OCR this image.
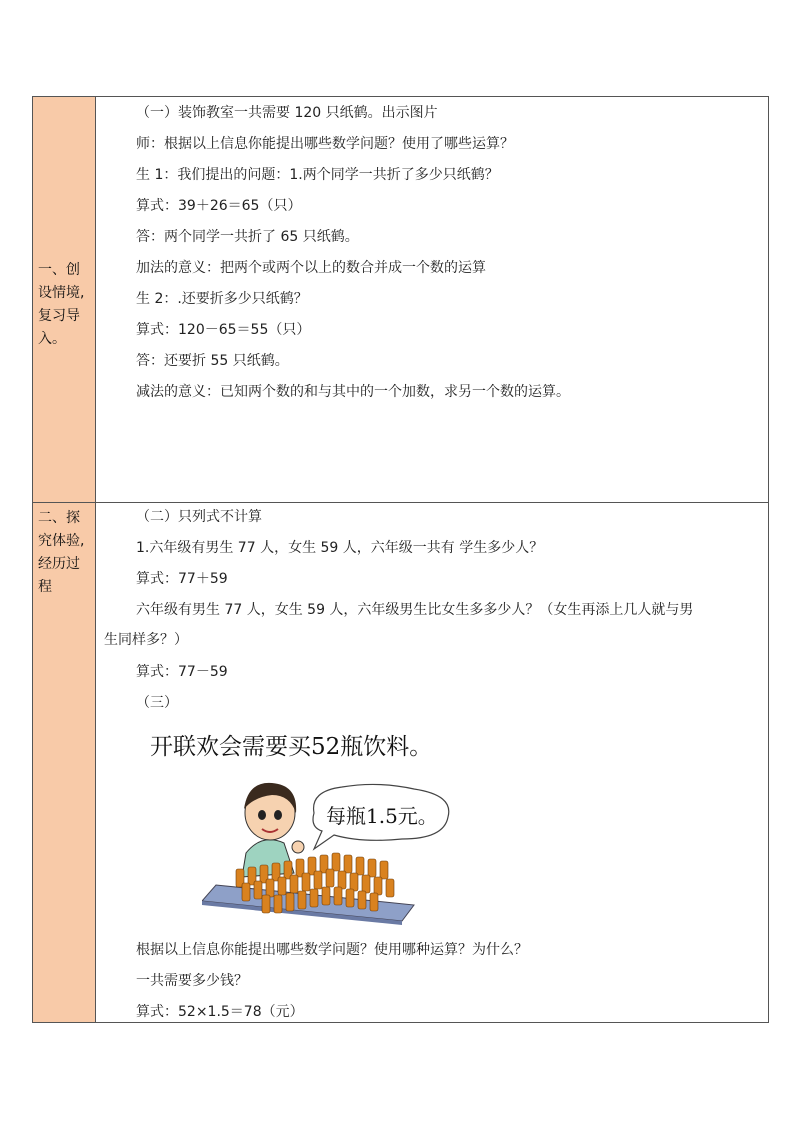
一、创设情境,复习导入。
（一）装饰教室一共需要 120 只纸鹤。出示图片
师：根据以上信息你能提出哪些数学问题？使用了哪些运算？
生 1：我们提出的问题：1.两个同学一共折了多少只纸鹤？
算式：39＋26＝65（只）
答：两个同学一共折了 65 只纸鹤。
加法的意义：把两个或两个以上的数合并成一个数的运算
生 2：.还要折多少只纸鹤？
算式：120－65＝55（只）
答：还要折 55 只纸鹤。
减法的意义：已知两个数的和与其中的一个加数，求另一个数的运算。
二、探究体验,经历过程
（二）只列式不计算
1.六年级有男生 77 人，女生 59 人，六年级一共有 学生多少人？
算式：77＋59
六年级有男生 77 人，女生 59 人，六年级男生比女生多多少人？（女生再添上几人就与男
生同样多？）
算式：77－59
（三）
开联欢会需要买52瓶饮料。
每瓶1.5元。
根据以上信息你能提出哪些数学问题？使用哪种运算？为什么？
一共需要多少钱？
算式：52×1.5＝78（元）
